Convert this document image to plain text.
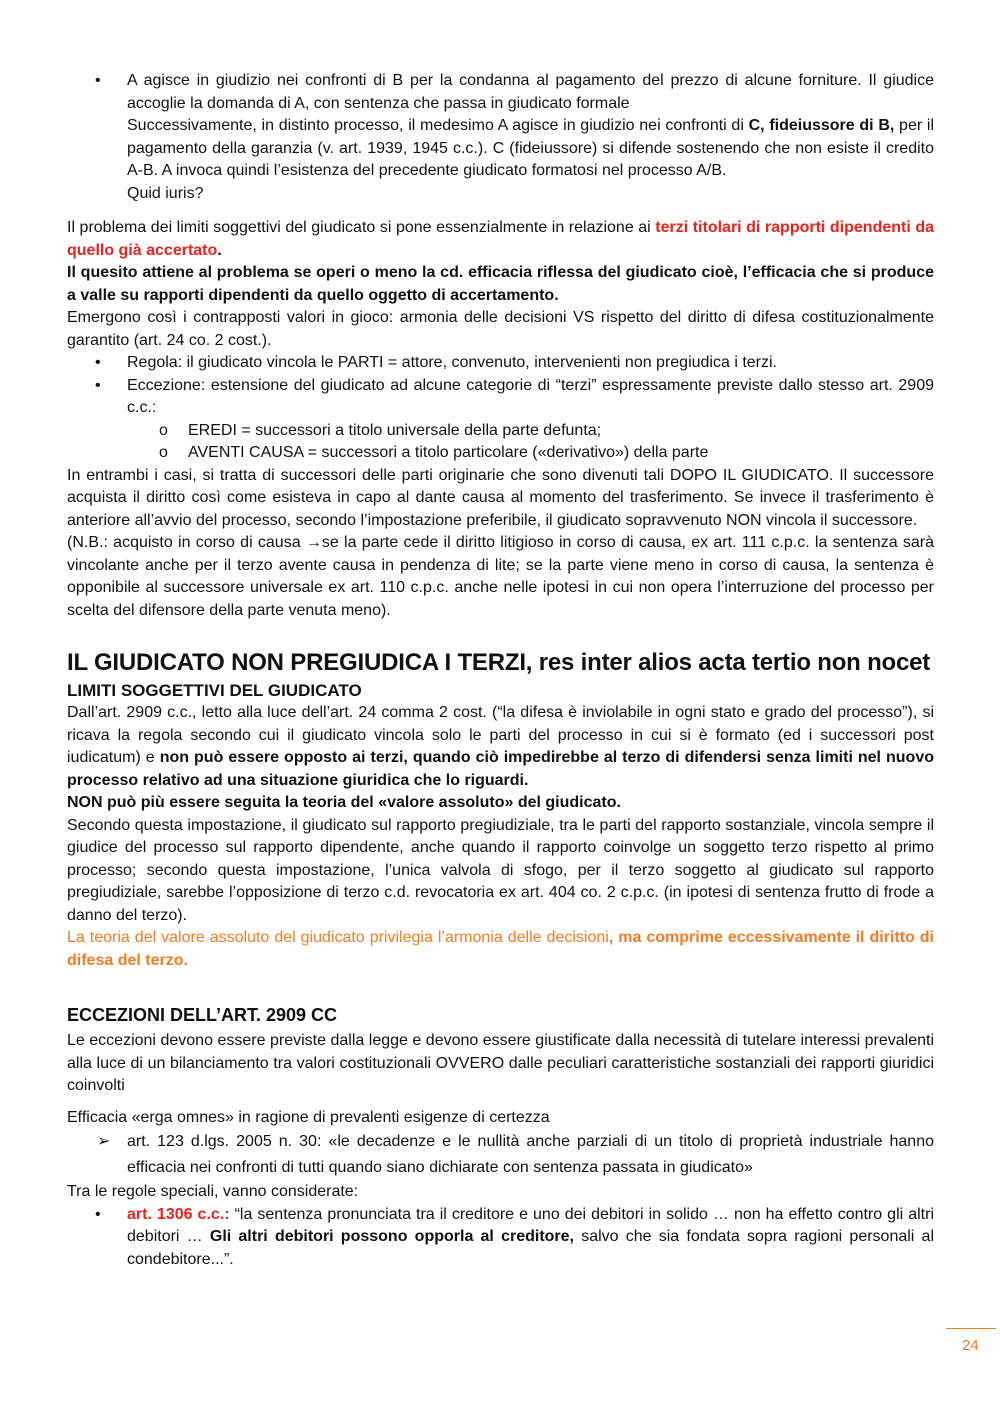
• A agisce in giudizio nei confronti di B per la condanna al pagamento del prezzo di alcune forniture. Il giudice accoglie la domanda di A, con sentenza che passa in giudicato formale

Successivamente, in distinto processo, il medesimo A agisce in giudizio nei confronti di C, fideiussore di B, per il pagamento della garanzia (v. art. 1939, 1945 c.c.). C (fideiussore) si difende sostenendo che non esiste il credito A-B. A invoca quindi l’esistenza del precedente giudicato formatosi nel processo A/B.

Quid iuris?

Il problema dei limiti soggettivi del giudicato si pone essenzialmente in relazione ai terzi titolari di rapporti dipendenti da quello già accertato.

Il quesito attiene al problema se operi o meno la cd. efficacia riflessa del giudicato cioè, l’efficacia che si produce a valle su rapporti dipendenti da quello oggetto di accertamento.

Emergono così i contrapposti valori in gioco: armonia delle decisioni VS rispetto del diritto di difesa costituzionalmente garantito (art. 24 co. 2 cost.).

• Regola: il giudicato vincola le PARTI = attore, convenuto, intervenienti non pregiudica i terzi.
• Eccezione: estensione del giudicato ad alcune categorie di “terzi” espressamente previste dallo stesso art. 2909 c.c.:
o EREDI = successori a titolo universale della parte defunta;
o AVENTI CAUSA = successori a titolo particolare («derivativo») della parte

In entrambi i casi, si tratta di successori delle parti originarie che sono divenuti tali DOPO IL GIUDICATO. Il successore acquista il diritto così come esisteva in capo al dante causa al momento del trasferimento. Se invece il trasferimento è anteriore all’avvio del processo, secondo l’impostazione preferibile, il giudicato sopravvenuto NON vincola il successore.

(N.B.: acquisto in corso di causa →se la parte cede il diritto litigioso in corso di causa, ex art. 111 c.p.c. la sentenza sarà vincolante anche per il terzo avente causa in pendenza di lite; se la parte viene meno in corso di causa, la sentenza è opponibile al successore universale ex art. 110 c.p.c. anche nelle ipotesi in cui non opera l’interruzione del processo per scelta del difensore della parte venuta meno).

IL GIUDICATO NON PREGIUDICA I TERZI, res inter alios acta tertio non nocet
LIMITI SOGGETTIVI DEL GIUDICATO

Dall’art. 2909 c.c., letto alla luce dell’art. 24 comma 2 cost. (“la difesa è inviolabile in ogni stato e grado del processo”), si ricava la regola secondo cui il giudicato vincola solo le parti del processo in cui si è formato (ed i successori post iudicatum) e non può essere opposto ai terzi, quando ciò impedirebbe al terzo di difendersi senza limiti nel nuovo processo relativo ad una situazione giuridica che lo riguardi.

NON può più essere seguita la teoria del «valore assoluto» del giudicato.

Secondo questa impostazione, il giudicato sul rapporto pregiudiziale, tra le parti del rapporto sostanziale, vincola sempre il giudice del processo sul rapporto dipendente, anche quando il rapporto coinvolge un soggetto terzo rispetto al primo processo; secondo questa impostazione, l’unica valvola di sfogo, per il terzo soggetto al giudicato sul rapporto pregiudiziale, sarebbe l’opposizione di terzo c.d. revocatoria ex art. 404 co. 2 c.p.c. (in ipotesi di sentenza frutto di frode a danno del terzo).

La teoria del valore assoluto del giudicato privilegia l’armonia delle decisioni, ma comprime eccessivamente il diritto di difesa del terzo.

ECCEZIONI DELL’ART. 2909 CC

Le eccezioni devono essere previste dalla legge e devono essere giustificate dalla necessità di tutelare interessi prevalenti alla luce di un bilanciamento tra valori costituzionali OVVERO dalle peculiari caratteristiche sostanziali dei rapporti giuridici coinvolti

Efficacia «erga omnes» in ragione di prevalenti esigenze di certezza

➢ art. 123 d.lgs. 2005 n. 30: «le decadenze e le nullità anche parziali di un titolo di proprietà industriale hanno efficacia nei confronti di tutti quando siano dichiarate con sentenza passata in giudicato»

Tra le regole speciali, vanno considerate:

• art. 1306 c.c.: “la sentenza pronunciata tra il creditore e uno dei debitori in solido … non ha effetto contro gli altri debitori … Gli altri debitori possono opporla al creditore, salvo che sia fondata sopra ragioni personali al condebitore...”.
24
